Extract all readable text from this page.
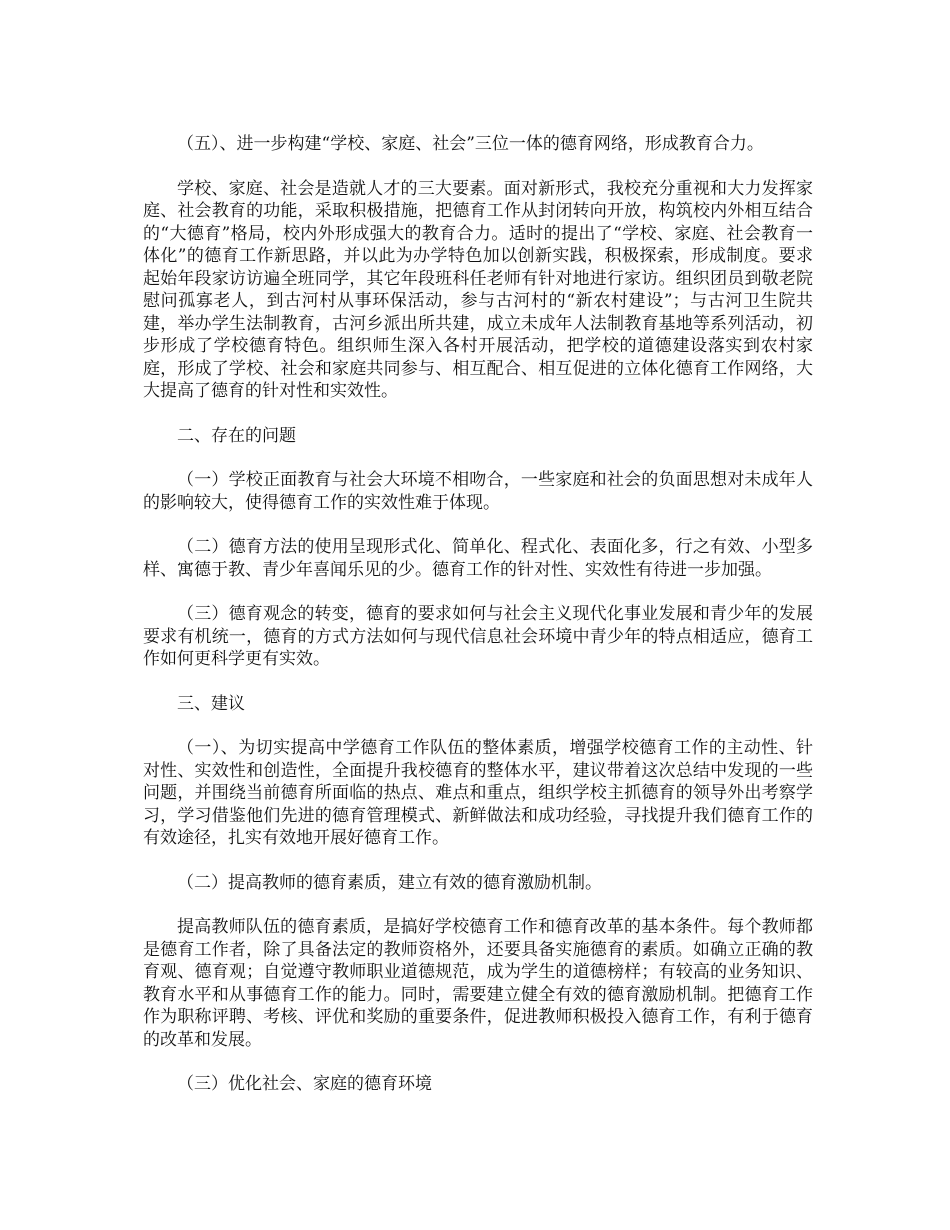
（五）、进一步构建“学校、家庭、社会”三位一体的德育网络，形成教育合力。

学校、家庭、社会是造就人才的三大要素。面对新形式，我校充分重视和大力发挥家庭、社会教育的功能，采取积极措施，把德育工作从封闭转向开放，构筑校内外相互结合的“大德育”格局，校内外形成强大的教育合力。适时的提出了“学校、家庭、社会教育一体化”的德育工作新思路，并以此为办学特色加以创新实践，积极探索，形成制度。要求起始年段家访访遍全班同学，其它年段班科任老师有针对地进行家访。组织团员到敬老院慰问孤寡老人，到古河村从事环保活动，参与古河村的“新农村建设”；与古河卫生院共建，举办学生法制教育，古河乡派出所共建，成立未成年人法制教育基地等系列活动，初步形成了学校德育特色。组织师生深入各村开展活动，把学校的道德建设落实到农村家庭，形成了学校、社会和家庭共同参与、相互配合、相互促进的立体化德育工作网络，大大提高了德育的针对性和实效性。

二、存在的问题

（一）学校正面教育与社会大环境不相吻合，一些家庭和社会的负面思想对未成年人的影响较大，使得德育工作的实效性难于体现。

（二）德育方法的使用呈现形式化、简单化、程式化、表面化多，行之有效、小型多样、寓德于教、青少年喜闻乐见的少。德育工作的针对性、实效性有待进一步加强。

（三）德育观念的转变，德育的要求如何与社会主义现代化事业发展和青少年的发展要求有机统一，德育的方式方法如何与现代信息社会环境中青少年的特点相适应，德育工作如何更科学更有实效。

三、建议

（一）、为切实提高中学德育工作队伍的整体素质，增强学校德育工作的主动性、针对性、实效性和创造性，全面提升我校德育的整体水平，建议带着这次总结中发现的一些问题，并围绕当前德育所面临的热点、难点和重点，组织学校主抓德育的领导外出考察学习，学习借鉴他们先进的德育管理模式、新鲜做法和成功经验，寻找提升我们德育工作的有效途径，扎实有效地开展好德育工作。

（二）提高教师的德育素质，建立有效的德育激励机制。

提高教师队伍的德育素质，是搞好学校德育工作和德育改革的基本条件。每个教师都是德育工作者，除了具备法定的教师资格外，还要具备实施德育的素质。如确立正确的教育观、德育观；自觉遵守教师职业道德规范，成为学生的道德榜样；有较高的业务知识、教育水平和从事德育工作的能力。同时，需要建立健全有效的德育激励机制。把德育工作作为职称评聘、考核、评优和奖励的重要条件，促进教师积极投入德育工作，有利于德育的改革和发展。

（三）优化社会、家庭的德育环境
